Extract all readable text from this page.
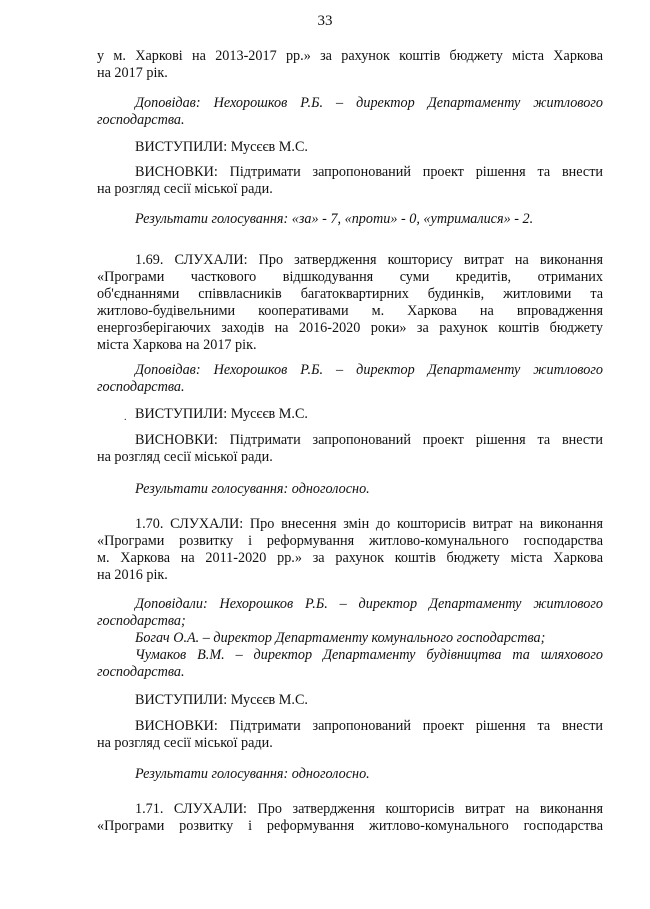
33
у м. Харкові на 2013-2017 рр.» за рахунок коштів бюджету міста Харкова
на 2017 рік.
Доповідав: Нехорошков Р.Б. – директор Департаменту житлового
господарства.
ВИСТУПИЛИ: Мусєєв М.С.
ВИСНОВКИ: Підтримати запропонований проект рішення та внести
на розгляд сесії міської ради.
Результати голосування: «за» - 7, «проти» - 0, «утрималися» - 2.
1.69. СЛУХАЛИ: Про затвердження кошторису витрат на виконання
«Програми часткового відшкодування суми кредитів, отриманих
об'єднаннями співвласників багатоквартирних будинків, житловими та
житлово-будівельними кооперативами м. Харкова на впровадження
енергозберігаючих заходів на 2016-2020 роки» за рахунок коштів бюджету
міста Харкова на 2017 рік.
Доповідав: Нехорошков Р.Б. – директор Департаменту житлового
господарства.
. ВИСТУПИЛИ: Мусєєв М.С.
ВИСНОВКИ: Підтримати запропонований проект рішення та внести
на розгляд сесії міської ради.
Результати голосування: одноголосно.
1.70. СЛУХАЛИ: Про внесення змін до кошторисів витрат на виконання
«Програми розвитку і реформування житлово-комунального господарства
м. Харкова на 2011-2020 рр.» за рахунок коштів бюджету міста Харкова
на 2016 рік.
Доповідали: Нехорошков Р.Б. – директор Департаменту житлового
господарства;
Богач О.А. – директор Департаменту комунального господарства;
Чумаков В.М. – директор Департаменту будівництва та шляхового
господарства.
ВИСТУПИЛИ: Мусєєв М.С.
ВИСНОВКИ: Підтримати запропонований проект рішення та внести
на розгляд сесії міської ради.
Результати голосування: одноголосно.
1.71. СЛУХАЛИ: Про затвердження кошторисів витрат на виконання
«Програми розвитку і реформування житлово-комунального господарства
